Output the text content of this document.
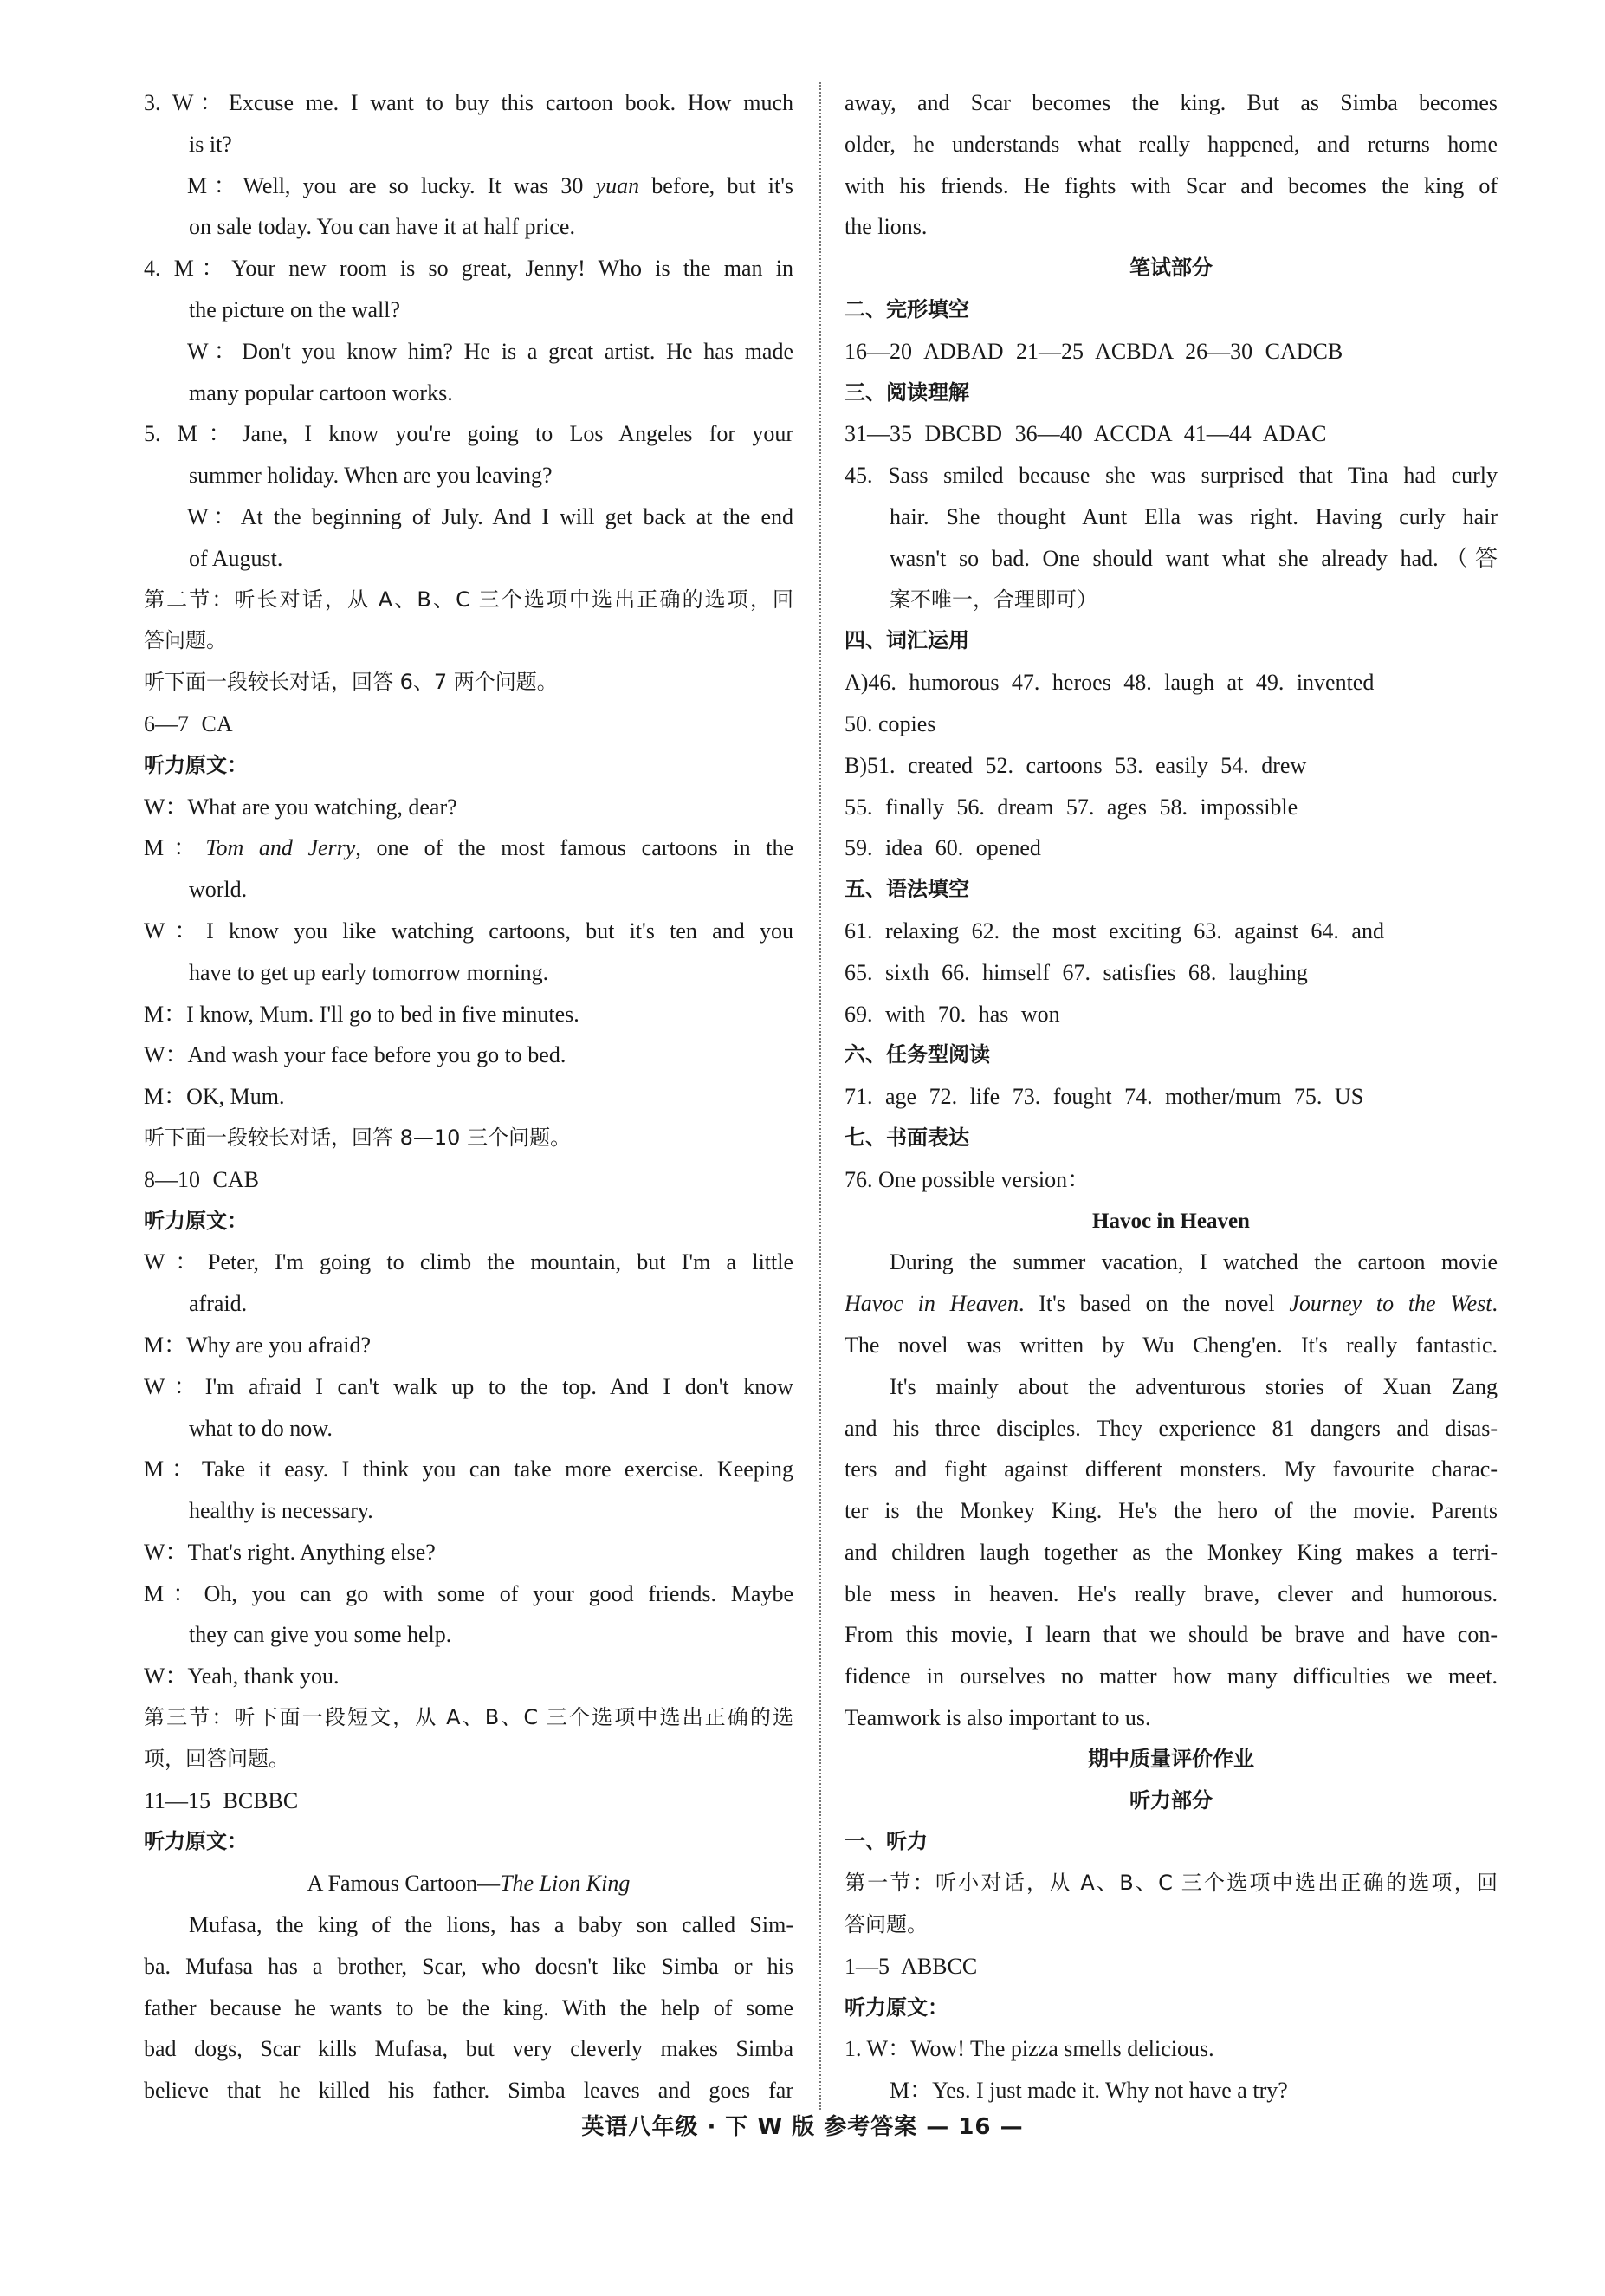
3. W：Excuse me. I want to buy this cartoon book. How much
is it?
M：Well, you are so lucky. It was 30 yuan before, but it's
on sale today. You can have it at half price.
4. M：Your new room is so great, Jenny! Who is the man in
the picture on the wall?
W：Don't you know him? He is a great artist. He has made
many popular cartoon works.
5. M：Jane, I know you're going to Los Angeles for your
summer holiday. When are you leaving?
W：At the beginning of July. And I will get back at the end
of August.
第二节：听长对话，从 A、B、C 三个选项中选出正确的选项，回
答问题。
听下面一段较长对话，回答 6、7 两个问题。
6—7 CA
听力原文：
W：What are you watching, dear?
M：Tom and Jerry, one of the most famous cartoons in the
world.
W：I know you like watching cartoons, but it's ten and you
have to get up early tomorrow morning.
M：I know, Mum. I'll go to bed in five minutes.
W：And wash your face before you go to bed.
M：OK, Mum.
听下面一段较长对话，回答 8—10 三个问题。
8—10 CAB
听力原文：
W：Peter, I'm going to climb the mountain, but I'm a little
afraid.
M：Why are you afraid?
W：I'm afraid I can't walk up to the top. And I don't know
what to do now.
M：Take it easy. I think you can take more exercise. Keeping
healthy is necessary.
W：That's right. Anything else?
M：Oh, you can go with some of your good friends. Maybe
they can give you some help.
W：Yeah, thank you.
第三节：听下面一段短文，从 A、B、C 三个选项中选出正确的选
项，回答问题。
11—15 BCBBC
听力原文：
A Famous Cartoon—The Lion King
Mufasa, the king of the lions, has a baby son called Sim-
ba. Mufasa has a brother, Scar, who doesn't like Simba or his
father because he wants to be the king. With the help of some
bad dogs, Scar kills Mufasa, but very cleverly makes Simba
believe that he killed his father. Simba leaves and goes far
away, and Scar becomes the king. But as Simba becomes
older, he understands what really happened, and returns home
with his friends. He fights with Scar and becomes the king of
the lions.
笔试部分
二、完形填空
16—20 ADBAD 21—25 ACBDA 26—30 CADCB
三、阅读理解
31—35 DBCBD 36—40 ACCDA 41—44 ADAC
45. Sass smiled because she was surprised that Tina had curly
hair. She thought Aunt Ella was right. Having curly hair
wasn't so bad. One should want what she already had.（答
案不唯一，合理即可）
四、词汇运用
A)46. humorous 47. heroes 48. laugh at 49. invented
50. copies
B)51. created 52. cartoons 53. easily 54. drew
55. finally 56. dream 57. ages 58. impossible
59. idea 60. opened
五、语法填空
61. relaxing 62. the most exciting 63. against 64. and
65. sixth 66. himself 67. satisfies 68. laughing
69. with 70. has won
六、任务型阅读
71. age 72. life 73. fought 74. mother/mum 75. US
七、书面表达
76. One possible version：
Havoc in Heaven
During the summer vacation, I watched the cartoon movie
Havoc in Heaven. It's based on the novel Journey to the West.
The novel was written by Wu Cheng'en. It's really fantastic.
It's mainly about the adventurous stories of Xuan Zang
and his three disciples. They experience 81 dangers and disas-
ters and fight against different monsters. My favourite charac-
ter is the Monkey King. He's the hero of the movie. Parents
and children laugh together as the Monkey King makes a terri-
ble mess in heaven. He's really brave, clever and humorous.
From this movie, I learn that we should be brave and have con-
fidence in ourselves no matter how many difficulties we meet.
Teamwork is also important to us.
期中质量评价作业
听力部分
一、听力
第一节：听小对话，从 A、B、C 三个选项中选出正确的选项，回
答问题。
1—5 ABBCC
听力原文：
1. W：Wow! The pizza smells delicious.
M：Yes. I just made it. Why not have a try?
英语八年级 · 下 W 版 参考答案 — 16 —
